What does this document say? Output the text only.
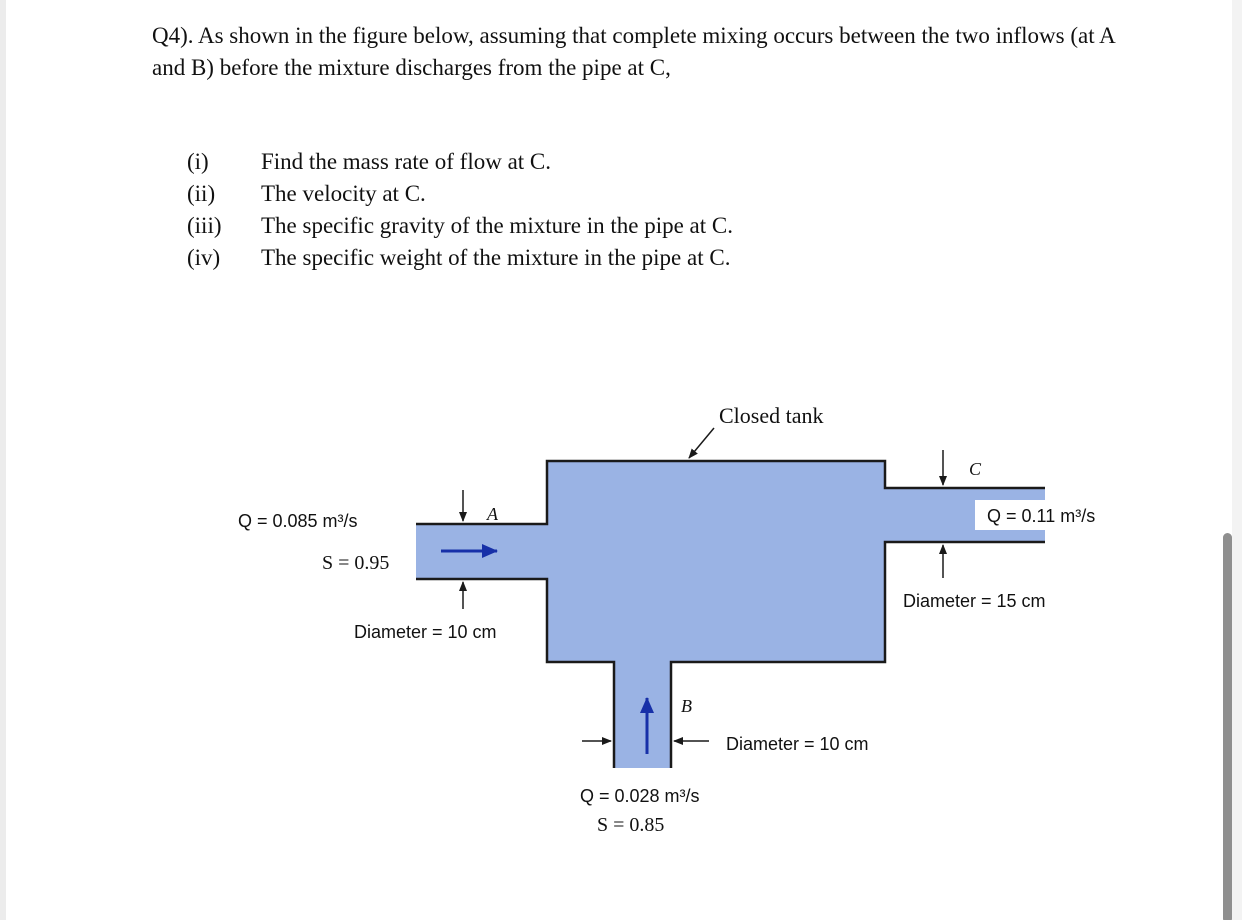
Q4). As shown in the figure below, assuming that complete mixing occurs between the two inflows (at A and B) before the mixture discharges from the pipe at C,

(i) Find the mass rate of flow at C.
(ii) The velocity at C.
(iii) The specific gravity of the mixture in the pipe at C.
(iv) The specific weight of the mixture in the pipe at C.
Closed tank
A
Q = 0.085 m³/s
S = 0.95
Diameter = 10 cm
C
Q = 0.11 m³/s
Diameter = 15 cm
B
Diameter = 10 cm
Q = 0.028 m³/s
S = 0.85
